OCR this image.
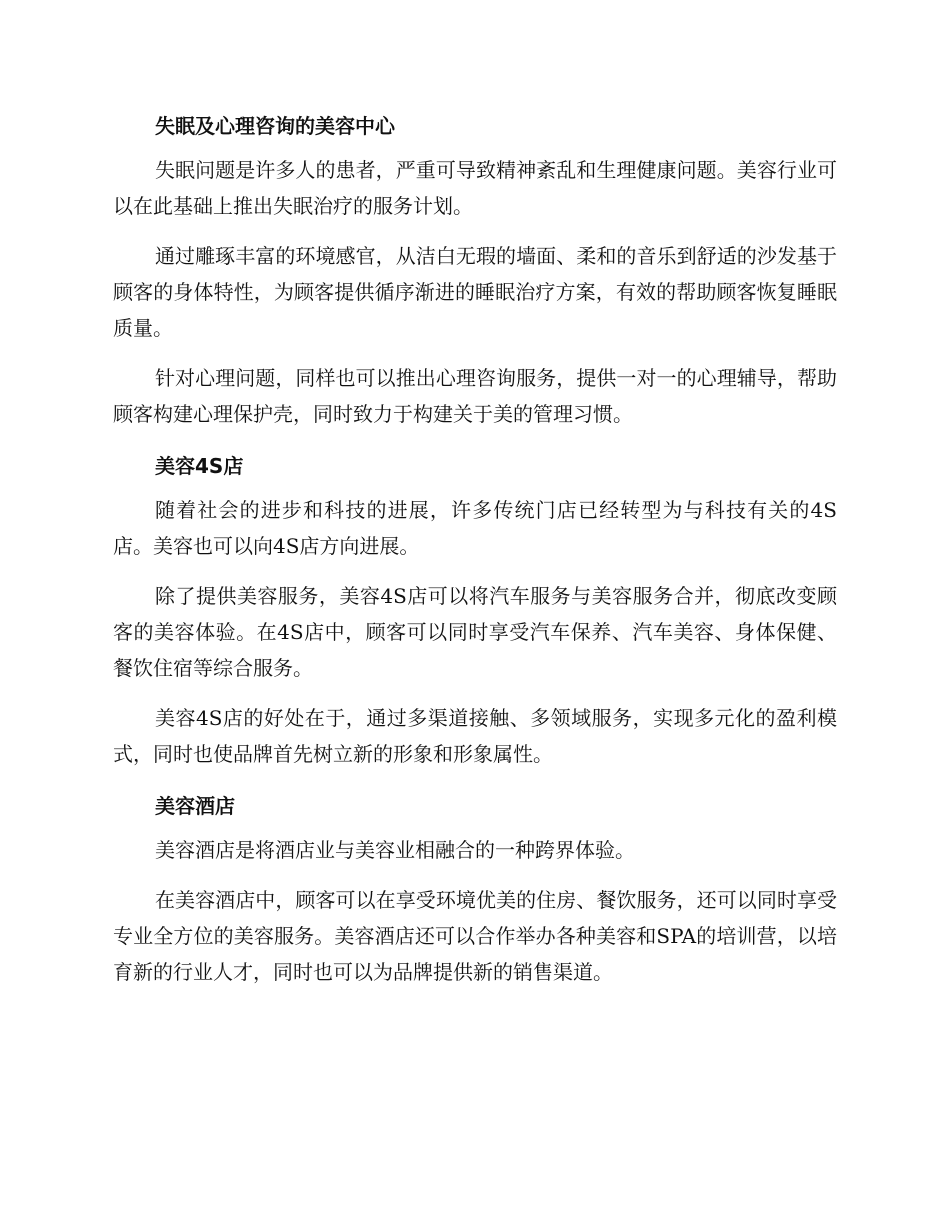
失眠及心理咨询的美容中心

失眠问题是许多人的患者，严重可导致精神紊乱和生理健康问题。美容行业可以在此基础上推出失眠治疗的服务计划。

通过雕琢丰富的环境感官，从洁白无瑕的墙面、柔和的音乐到舒适的沙发基于顾客的身体特性，为顾客提供循序渐进的睡眠治疗方案，有效的帮助顾客恢复睡眠质量。

针对心理问题，同样也可以推出心理咨询服务，提供一对一的心理辅导，帮助顾客构建心理保护壳，同时致力于构建关于美的管理习惯。

美容4S店

随着社会的进步和科技的进展，许多传统门店已经转型为与科技有关的4S店。美容也可以向4S店方向进展。

除了提供美容服务，美容4S店可以将汽车服务与美容服务合并，彻底改变顾客的美容体验。在4S店中，顾客可以同时享受汽车保养、汽车美容、身体保健、餐饮住宿等综合服务。

美容4S店的好处在于，通过多渠道接触、多领域服务，实现多元化的盈利模式，同时也使品牌首先树立新的形象和形象属性。

美容酒店

美容酒店是将酒店业与美容业相融合的一种跨界体验。

在美容酒店中，顾客可以在享受环境优美的住房、餐饮服务，还可以同时享受专业全方位的美容服务。美容酒店还可以合作举办各种美容和SPA的培训营，以培育新的行业人才，同时也可以为品牌提供新的销售渠道。
